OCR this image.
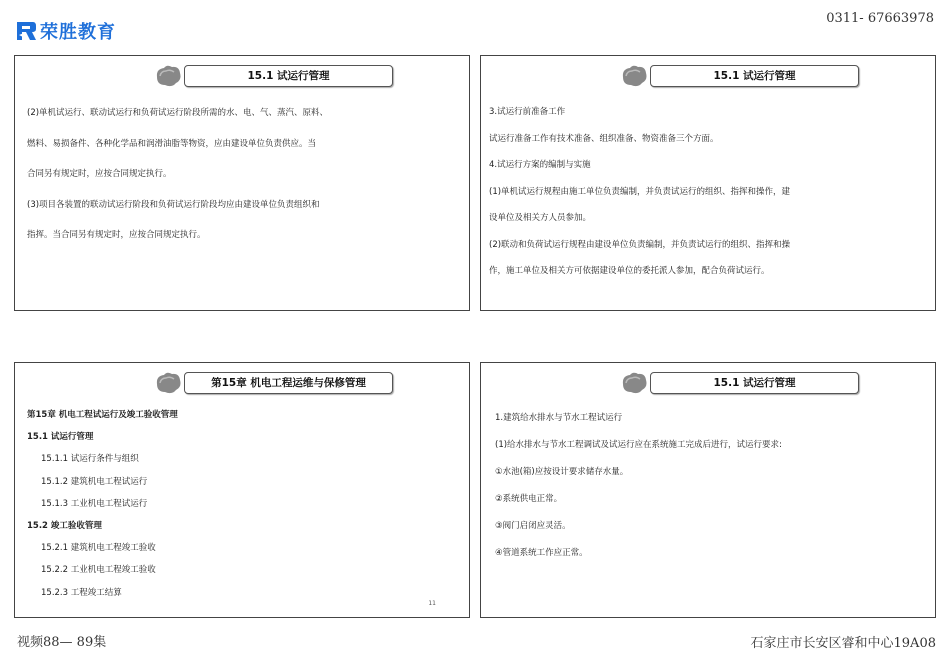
荣胜教育
0311- 67663978
15.1 试运行管理

(2)单机试运行、联动试运行和负荷试运行阶段所需的水、电、气、蒸汽、原料、

燃料、易损备件、各种化学品和润滑油脂等物资，应由建设单位负责供应。当

合同另有规定时，应按合同规定执行。

(3)项目各装置的联动试运行阶段和负荷试运行阶段均应由建设单位负责组织和

指挥。当合同另有规定时，应按合同规定执行。

15.1 试运行管理

3.试运行前准备工作

试运行准备工作有技术准备、组织准备、物资准备三个方面。

4.试运行方案的编制与实施

(1)单机试运行规程由施工单位负责编制，并负责试运行的组织、指挥和操作，建

设单位及相关方人员参加。

(2)联动和负荷试运行规程由建设单位负责编制，并负责试运行的组织、指挥和操

作，施工单位及相关方可依据建设单位的委托派人参加，配合负荷试运行。

第15章 机电工程运维与保修管理
第15章 机电工程试运行及竣工验收管理
15.1 试运行管理
15.1.1 试运行条件与组织
15.1.2 建筑机电工程试运行
15.1.3 工业机电工程试运行
15.2 竣工验收管理
15.2.1 建筑机电工程竣工验收
15.2.2 工业机电工程竣工验收
15.2.3 工程竣工结算
11
15.1 试运行管理

1.建筑给水排水与节水工程试运行

(1)给水排水与节水工程调试及试运行应在系统施工完成后进行，试运行要求:

①水池(箱)应按设计要求储存水量。

②系统供电正常。

③阀门启闭应灵活。

④管道系统工作应正常。

视频88— 89集	石家庄市长安区睿和中心19A08
